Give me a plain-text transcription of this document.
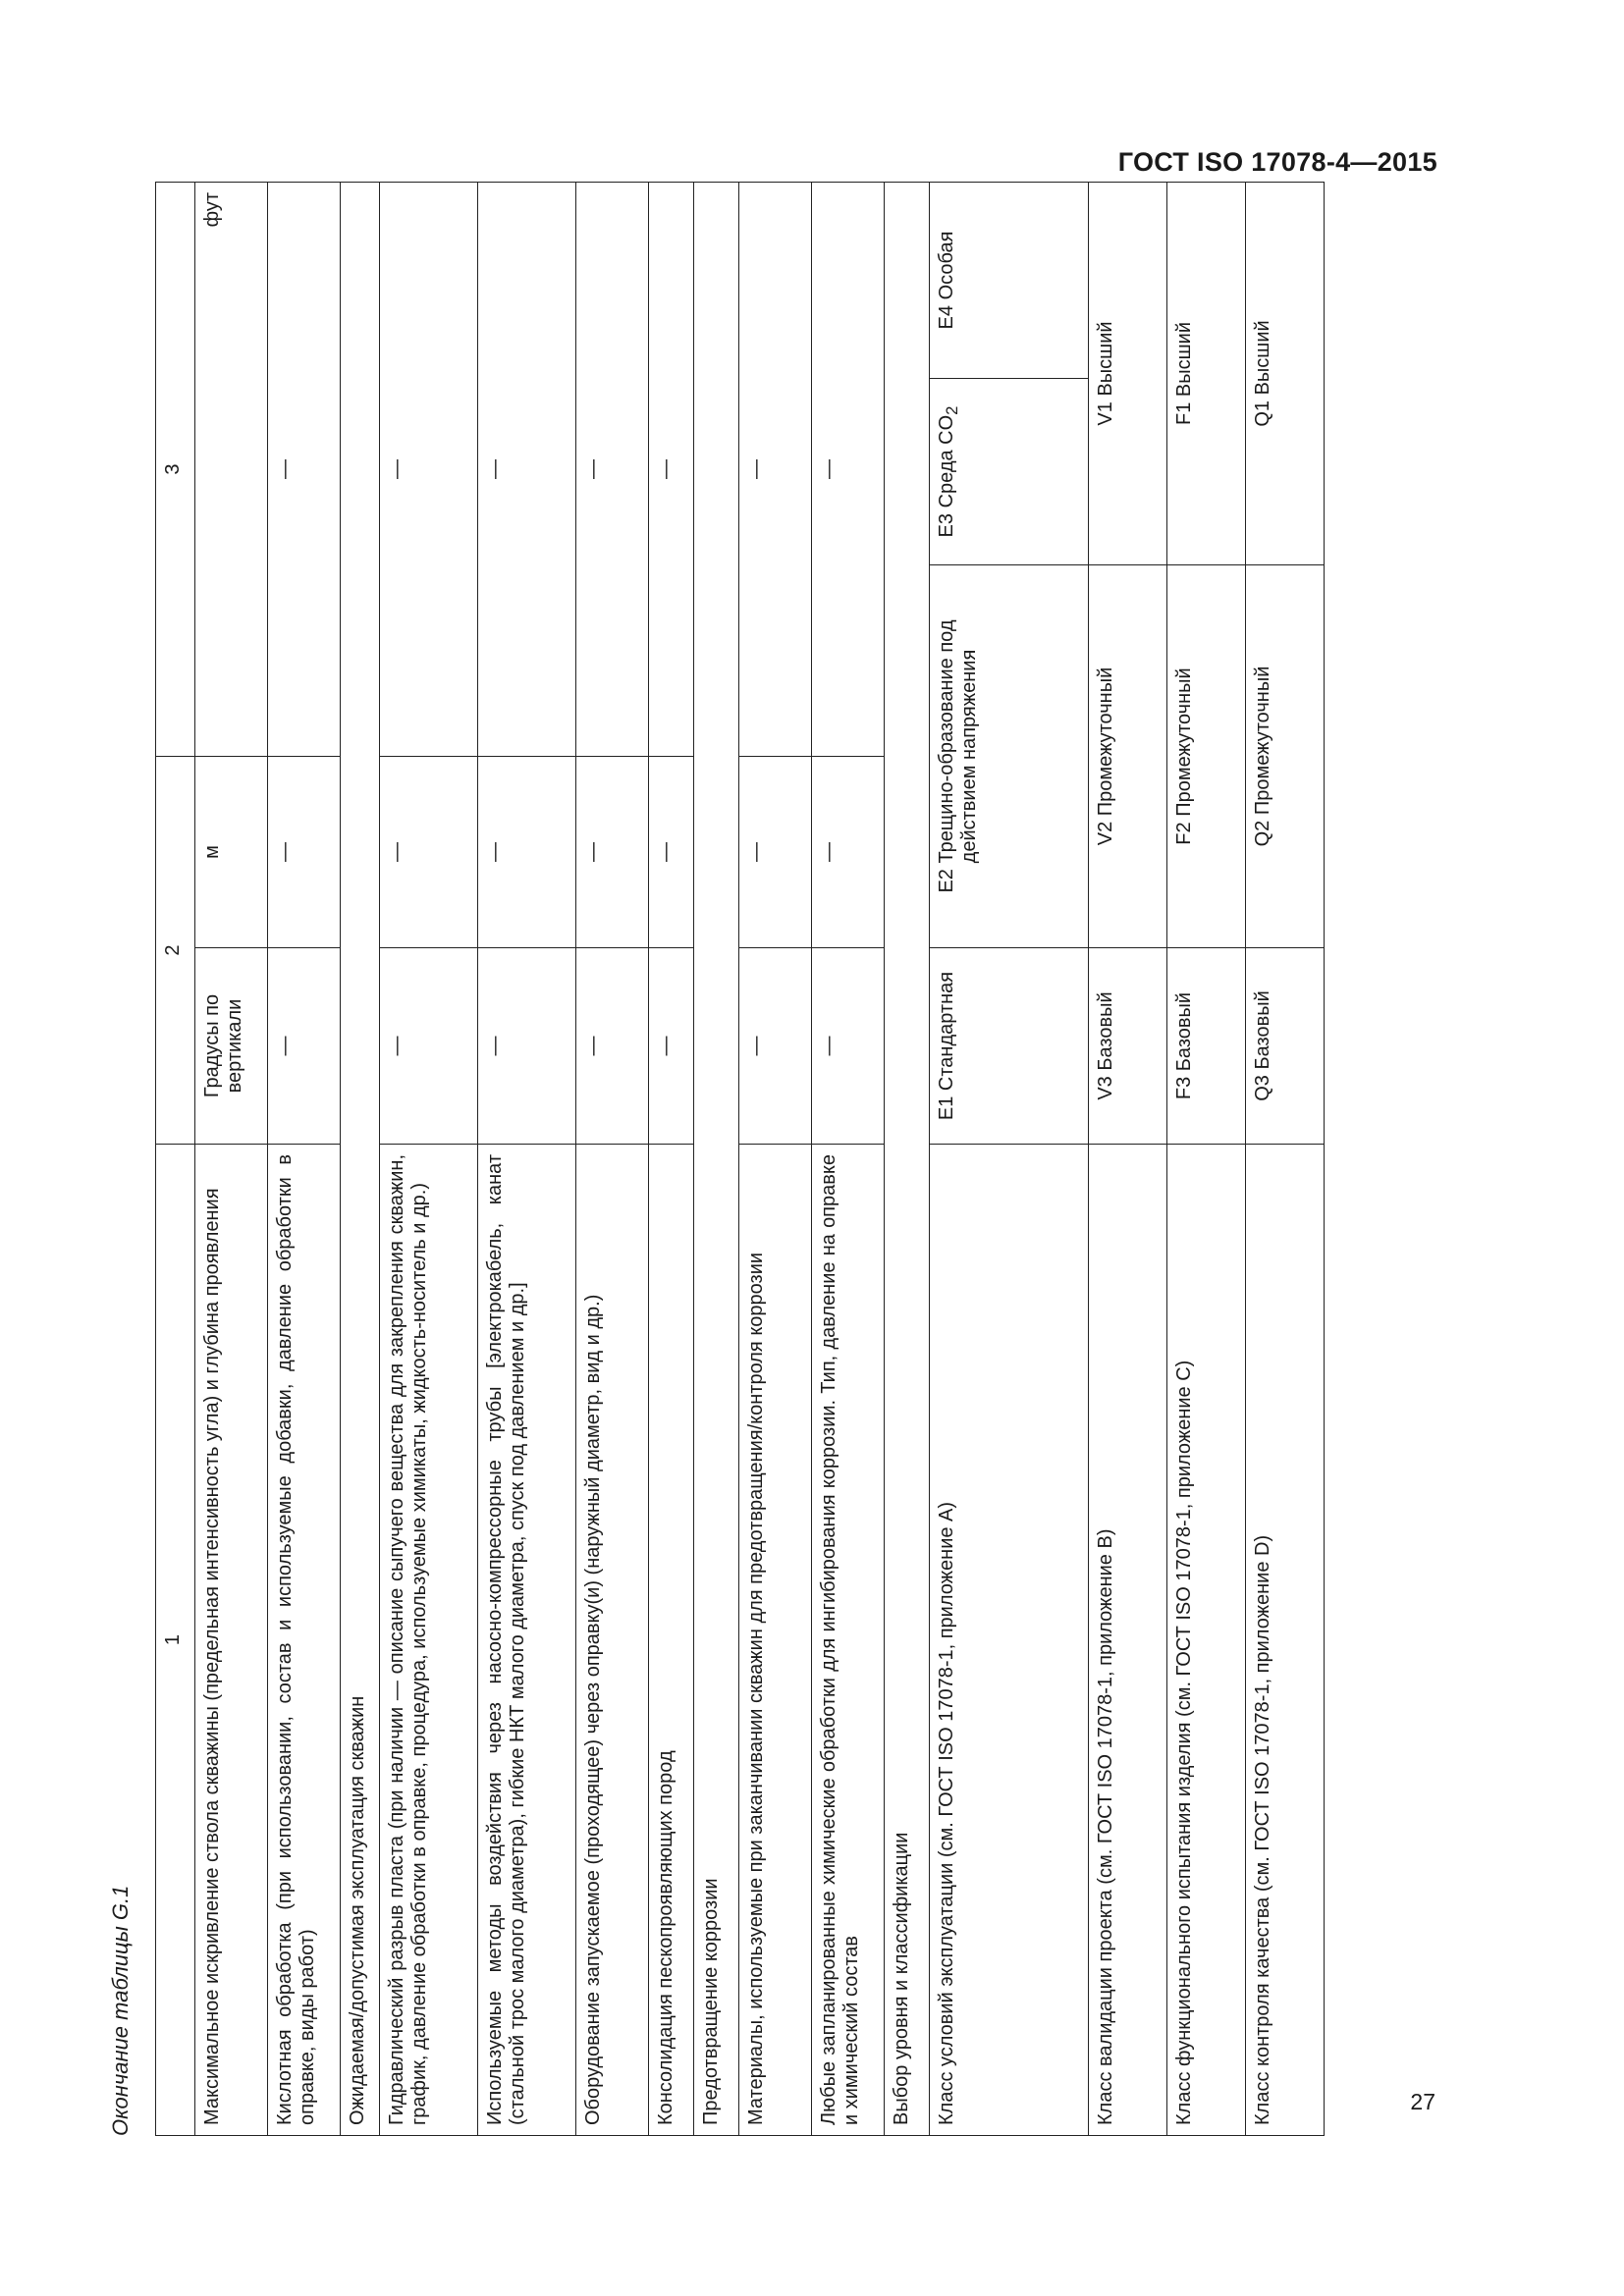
ГОСТ ISO 17078-4—2015
Окончание таблицы G.1
1	2		3		
Максимальное искривление ствола скважины (предельная интенсивность угла) и глубина проявления	Градусы по вертикали	м	фут		
Кислотная обработка (при использовании, состав и используемые добавки, давление обработки в оправке, виды работ)	—	—	—		
Ожидаемая/допустимая эксплуатация скважин					
Гидравлический разрыв пласта (при наличии — описание сыпучего вещества для закрепления скважин, график, давление обработки в оправке, процедура, используемые химикаты, жидкость-носитель и др.)	—	—	—		
Используемые методы воздействия через насосно-компрессорные трубы [электрокабель, канат (стальной трос малого диаметра), гибкие НКТ малого диаметра, спуск под давлением и др.]	—	—	—		
Оборудование запускаемое (проходящее) через оправку(и) (наружный диаметр, вид и др.)	—	—	—		
Консолидация пескопроявляющих пород	—	—	—		
Предотвращение коррозии					
Материалы, используемые при заканчивании скважин для предотвращения/контроля коррозии	—	—	—		
Любые запланированные химические обработки для ингибирования коррозии. Тип, давление на оправке и химический состав	—	—	—		
Выбор уровня и классификации					
Класс условий эксплуатации (см. ГОСТ ISO 17078-1, приложение А)	E1 Стандартная	E2 Трещино-образование под действием напряжения		E3 Среда $CO_2$	E4 Особая
Класс валидации проекта (см. ГОСТ ISO 17078-1, приложение В)	V3 Базовый	V2 Промежуточный		V1 Высший	
Класс функционального испытания изделия (см. ГОСТ ISO 17078-1, приложение С)	F3 Базовый	F2 Промежуточный		F1 Высший	
Класс контроля качества (см. ГОСТ ISO 17078-1, приложение D)	Q3 Базовый	Q2 Промежуточный		Q1 Высший	
27
